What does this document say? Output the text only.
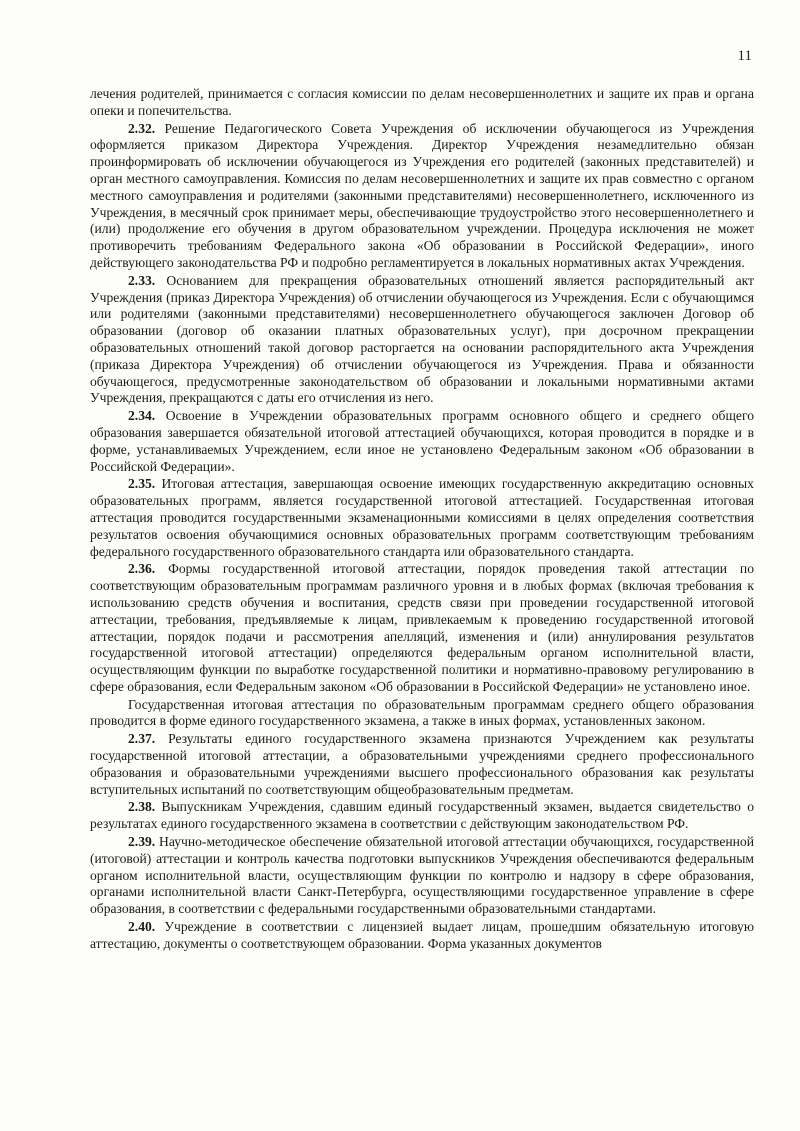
11

лечения родителей, принимается с согласия комиссии по делам несовершеннолетних и защите их прав и органа опеки и попечительства.

2.32. Решение Педагогического Совета Учреждения об исключении обучающегося из Учреждения оформляется приказом Директора Учреждения. Директор Учреждения незамедлительно обязан проинформировать об исключении обучающегося из Учреждения его родителей (законных представителей) и орган местного самоуправления. Комиссия по делам несовершеннолетних и защите их прав совместно с органом местного самоуправления и родителями (законными представителями) несовершеннолетнего, исключенного из Учреждения, в месячный срок принимает меры, обеспечивающие трудоустройство этого несовершеннолетнего и (или) продолжение его обучения в другом образовательном учреждении. Процедура исключения не может противоречить требованиям Федерального закона «Об образовании в Российской Федерации», иного действующего законодательства РФ и подробно регламентируется в локальных нормативных актах Учреждения.

2.33. Основанием для прекращения образовательных отношений является распорядительный акт Учреждения (приказ Директора Учреждения) об отчислении обучающегося из Учреждения. Если с обучающимся или родителями (законными представителями) несовершеннолетнего обучающегося заключен Договор об образовании (договор об оказании платных образовательных услуг), при досрочном прекращении образовательных отношений такой договор расторгается на основании распорядительного акта Учреждения (приказа Директора Учреждения) об отчислении обучающегося из Учреждения. Права и обязанности обучающегося, предусмотренные законодательством об образовании и локальными нормативными актами Учреждения, прекращаются с даты его отчисления из него.

2.34. Освоение в Учреждении образовательных программ основного общего и среднего общего образования завершается обязательной итоговой аттестацией обучающихся, которая проводится в порядке и в форме, устанавливаемых Учреждением, если иное не установлено Федеральным законом «Об образовании в Российской Федерации».

2.35. Итоговая аттестация, завершающая освоение имеющих государственную аккредитацию основных образовательных программ, является государственной итоговой аттестацией. Государственная итоговая аттестация проводится государственными экзаменационными комиссиями в целях определения соответствия результатов освоения обучающимися основных образовательных программ соответствующим требованиям федерального государственного образовательного стандарта или образовательного стандарта.

2.36. Формы государственной итоговой аттестации, порядок проведения такой аттестации по соответствующим образовательным программам различного уровня и в любых формах (включая требования к использованию средств обучения и воспитания, средств связи при проведении государственной итоговой аттестации, требования, предъявляемые к лицам, привлекаемым к проведению государственной итоговой аттестации, порядок подачи и рассмотрения апелляций, изменения и (или) аннулирования результатов государственной итоговой аттестации) определяются федеральным органом исполнительной власти, осуществляющим функции по выработке государственной политики и нормативно-правовому регулированию в сфере образования, если Федеральным законом «Об образовании в Российской Федерации» не установлено иное.

Государственная итоговая аттестация по образовательным программам среднего общего образования проводится в форме единого государственного экзамена, а также в иных формах, установленных законом.

2.37. Результаты единого государственного экзамена признаются Учреждением как результаты государственной итоговой аттестации, а образовательными учреждениями среднего профессионального образования и образовательными учреждениями высшего профессионального образования как результаты вступительных испытаний по соответствующим общеобразовательным предметам.

2.38. Выпускникам Учреждения, сдавшим единый государственный экзамен, выдается свидетельство о результатах единого государственного экзамена в соответствии с действующим законодательством РФ.

2.39. Научно-методическое обеспечение обязательной итоговой аттестации обучающихся, государственной (итоговой) аттестации и контроль качества подготовки выпускников Учреждения обеспечиваются федеральным органом исполнительной власти, осуществляющим функции по контролю и надзору в сфере образования, органами исполнительной власти Санкт-Петербурга, осуществляющими государственное управление в сфере образования, в соответствии с федеральными государственными образовательными стандартами.

2.40. Учреждение в соответствии с лицензией выдает лицам, прошедшим обязательную итоговую аттестацию, документы о соответствующем образовании. Форма указанных документов
